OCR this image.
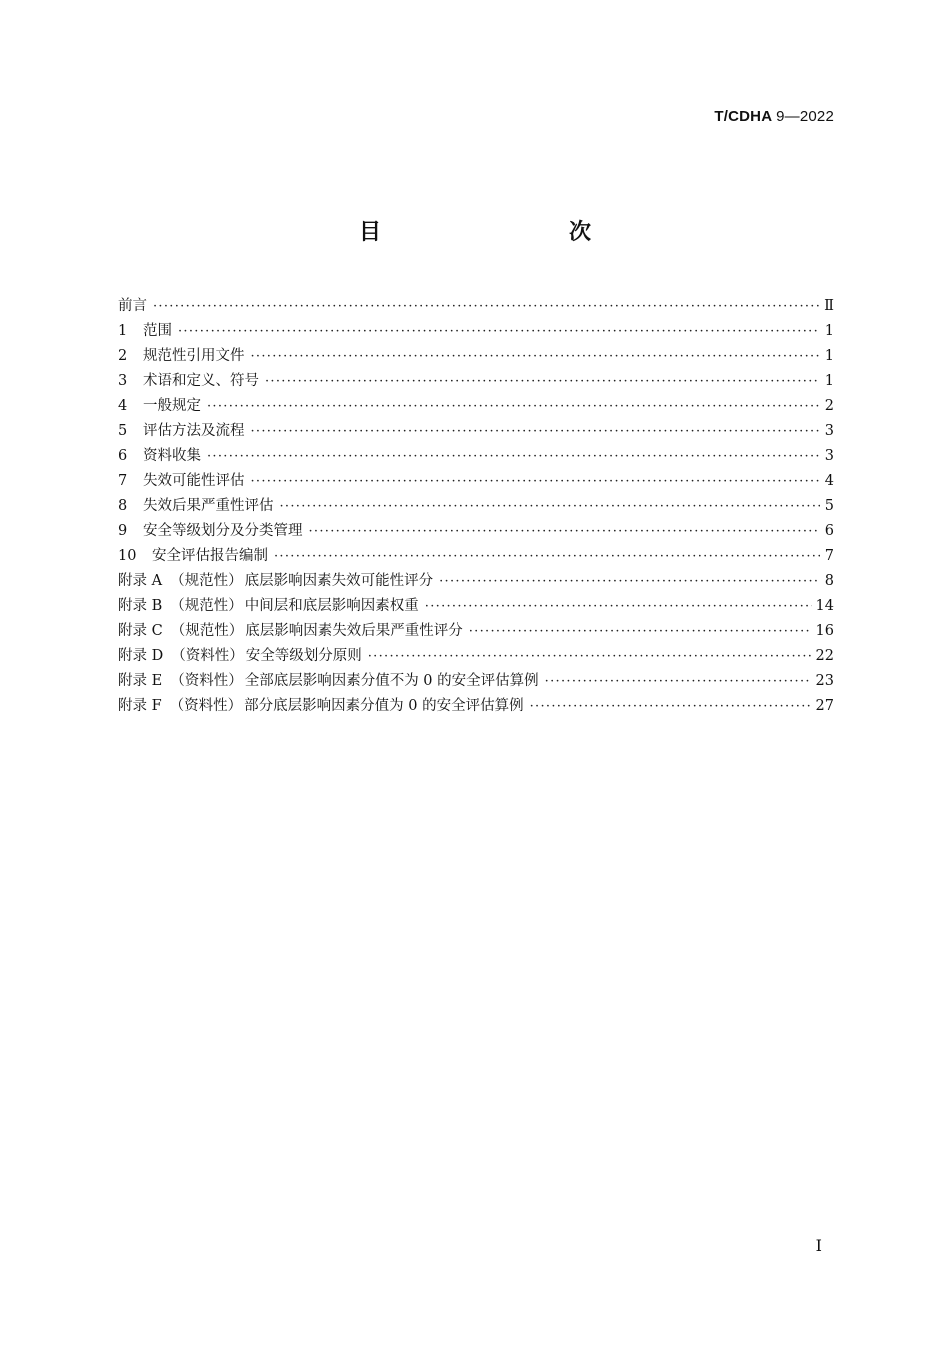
T/CDHA 9—2022
目　　次
前言 ·····	Ⅱ
1	范围 ·····	1
2	规范性引用文件 ·····	1
3	术语和定义、符号 ·····	1
4	一般规定 ·····	2
5	评估方法及流程 ·····	3
6	资料收集 ·····	3
7	失效可能性评估 ·····	4
8	失效后果严重性评估 ·····	5
9	安全等级划分及分类管理 ·····	6
10	安全评估报告编制 ·····	7
附录 A （规范性） 底层影响因素失效可能性评分 ·····	8
附录 B （规范性） 中间层和底层影响因素权重 ·····	14
附录 C （规范性） 底层影响因素失效后果严重性评分 ·····	16
附录 D （资料性） 安全等级划分原则 ·····	22
附录 E （资料性） 全部底层影响因素分值不为 0 的安全评估算例 ·····	23
附录 F （资料性） 部分底层影响因素分值为 0 的安全评估算例 ·····	27
I
